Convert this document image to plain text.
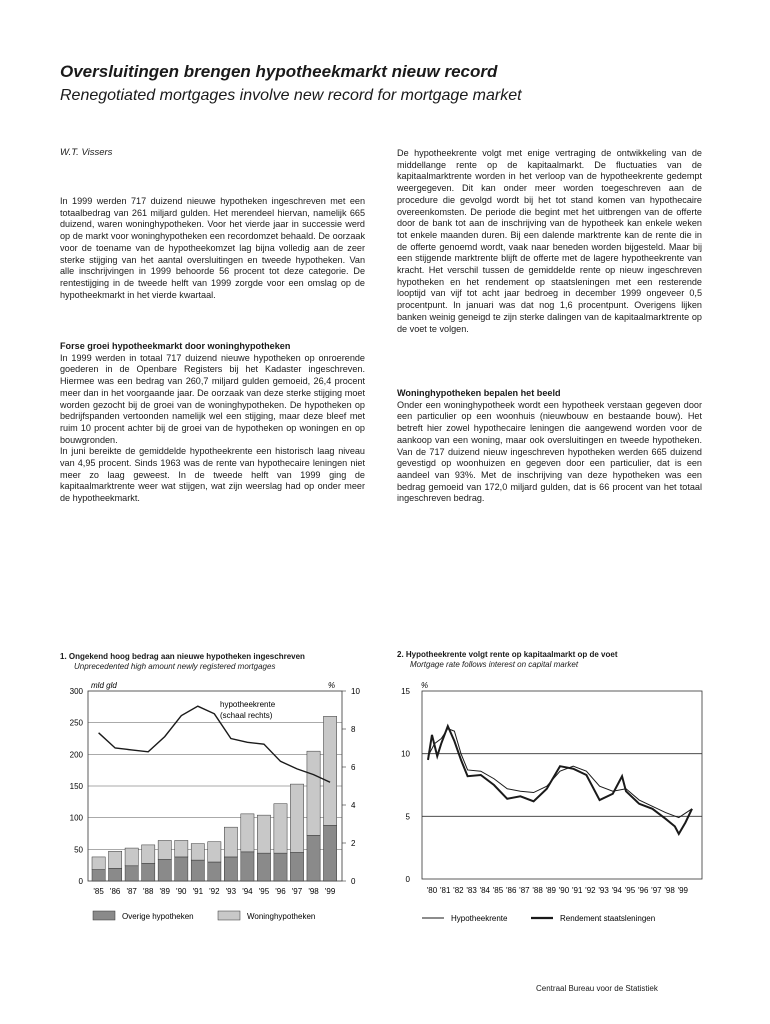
Oversluitingen brengen hypotheekmarkt nieuw record
Renegotiated mortgages involve new record for mortgage market
W.T. Vissers

In 1999 werden 717 duizend nieuwe hypotheken ingeschreven met een totaalbedrag van 261 miljard gulden. Het merendeel hiervan, namelijk 665 duizend, waren woninghypotheken. Voor het vierde jaar in successie werd op de markt voor woninghypotheken een recordomzet behaald. De oorzaak voor de toename van de hypotheekomzet lag bijna volledig aan de zeer sterke stijging van het aantal oversluitingen en tweede hypotheken. Van alle inschrijvingen in 1999 behoorde 56 procent tot deze categorie. De rentestijging in de tweede helft van 1999 zorgde voor een omslag op de hypotheekmarkt in het vierde kwartaal.

Forse groei hypotheekmarkt door woninghypotheken

In 1999 werden in totaal 717 duizend nieuwe hypotheken op onroerende goederen in de Openbare Registers bij het Kadaster ingeschreven. Hiermee was een bedrag van 260,7 miljard gulden gemoeid, 26,4 procent meer dan in het voorgaande jaar. De oorzaak van deze sterke stijging moet worden gezocht bij de groei van de woninghypotheken. De hypotheken op bedrijfspanden vertoonden namelijk wel een stijging, maar deze bleef met ruim 10 procent achter bij de groei van de hypotheken op woningen en op bouwgronden.

In juni bereikte de gemiddelde hypotheekrente een historisch laag niveau van 4,95 procent. Sinds 1963 was de rente van hypothecaire leningen niet meer zo laag geweest. In de tweede helft van 1999 ging de kapitaalmarktrente weer wat stijgen, wat zijn weerslag had op onder meer de hypotheekmarkt.

De hypotheekrente volgt met enige vertraging de ontwikkeling van de middellange rente op de kapitaalmarkt. De fluctuaties van de kapitaalmarktrente worden in het verloop van de hypotheekrente gedempt weergegeven. Dit kan onder meer worden toegeschreven aan de procedure die gevolgd wordt bij het tot stand komen van hypothecaire overeenkomsten. De periode die begint met het uitbrengen van de offerte door de bank tot aan de inschrijving van de hypotheek kan enkele weken tot enkele maanden duren. Bij een dalende marktrente kan de rente die in de offerte genoemd wordt, vaak naar beneden worden bijgesteld. Maar bij een stijgende marktrente blijft de offerte met de lagere hypotheekrente van kracht. Het verschil tussen de gemiddelde rente op nieuw ingeschreven hypotheken en het rendement op staatsleningen met een resterende looptijd van vijf tot acht jaar bedroeg in december 1999 ongeveer 0,5 procentpunt. In januari was dat nog 1,6 procentpunt. Overigens lijken banken weinig geneigd te zijn sterke dalingen van de kapitaalmarktrente op de voet te volgen.

Woninghypotheken bepalen het beeld

Onder een woninghypotheek wordt een hypotheek verstaan gegeven door een particulier op een woonhuis (nieuwbouw en bestaande bouw). Het betreft hier zowel hypothecaire leningen die aangewend worden voor de aankoop van een woning, maar ook oversluitingen en tweede hypotheken. Van de 717 duizend nieuw ingeschreven hypotheken werden 665 duizend gevestigd op woonhuizen en gegeven door een particulier, dat is een aandeel van 93%. Met de inschrijving van deze hypotheken was een bedrag gemoeid van 172,0 miljard gulden, dat is 66 procent van het totaal ingeschreven bedrag.

1. Ongekend hoog bedrag aan nieuwe hypotheken ingeschreven
Unprecedented high amount newly registered mortgages
mld gld	%
0
50
100
150
200
250
300
0
2
4
6
8
10
'85 '86 '87 '88 '89 '90 '91 '92 '93 '94 '95 '96 '97 '98 '99
hypotheekrente
(schaal rechts)
Overige hypotheken	Woninghypotheken
2. Hypotheekrente volgt rente op kapitaalmarkt op de voet
Mortgage rate follows interest on capital market
%
0
5
10
15
'80 '81 '82 '83 '84 '85 '86 '87 '88 '89 '90 '91 '92 '93 '94 '95 '96 '97 '98 '99
Hypotheekrente	Rendement staatsleningen
Centraal Bureau voor de Statistiek
